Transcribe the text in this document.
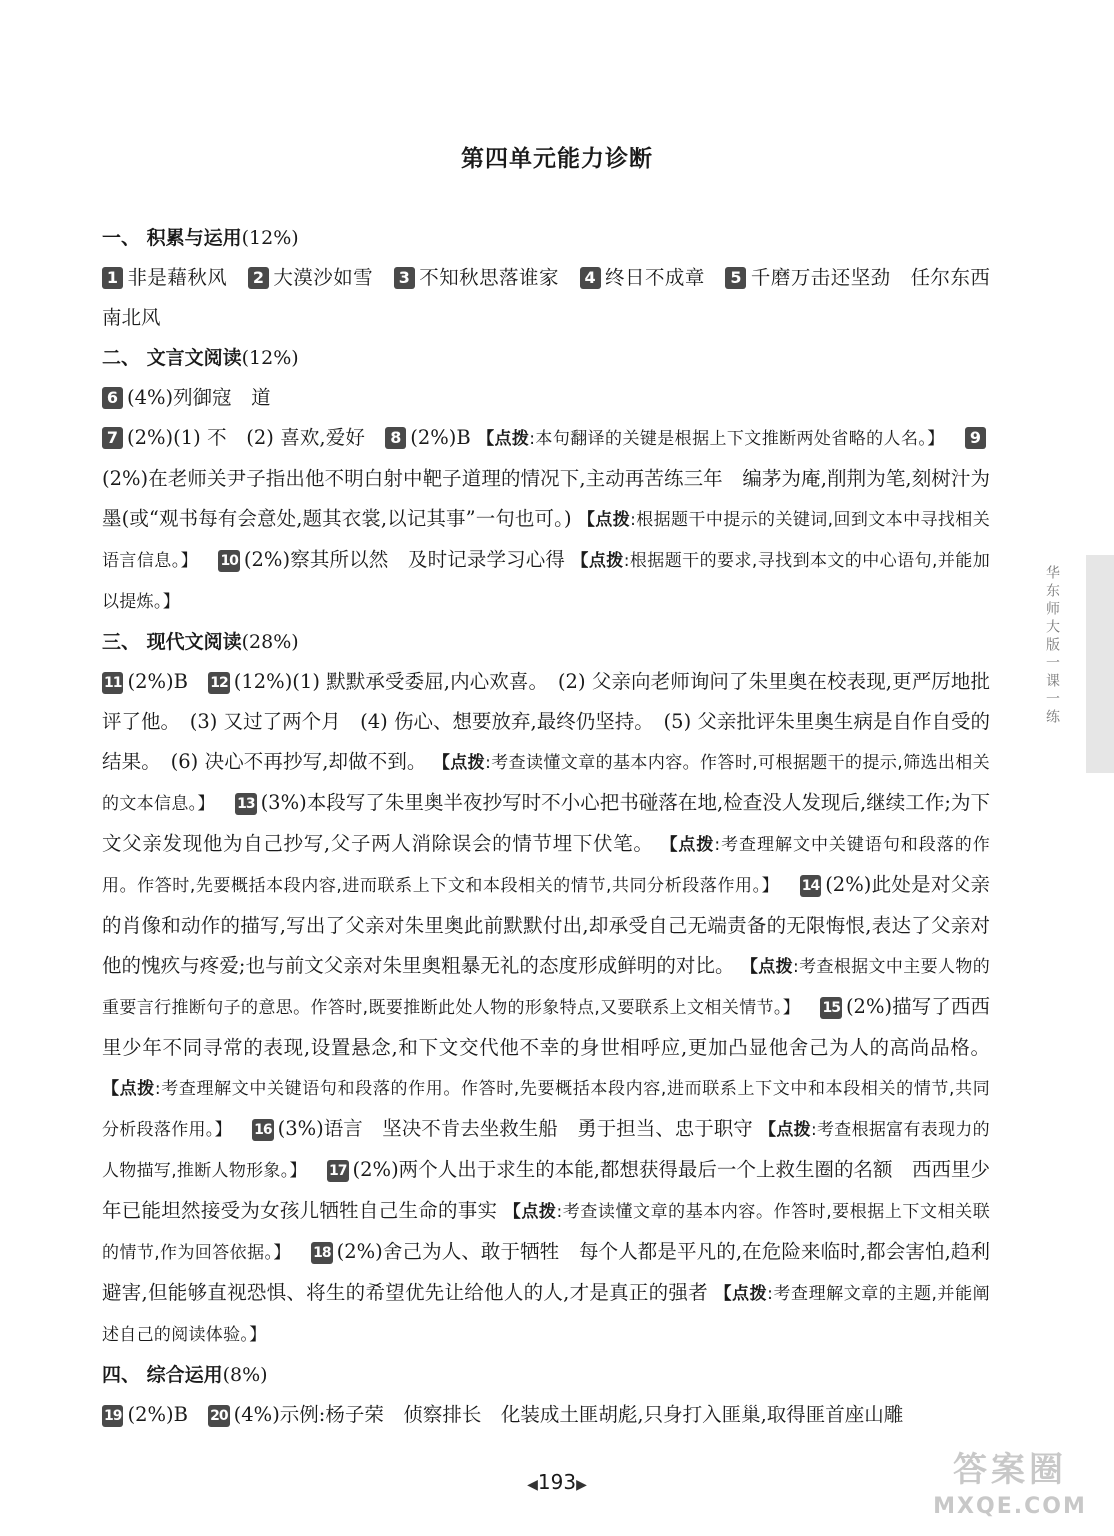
第四单元能力诊断

一、 积累与运用(12%)

1 非是藉秋风 2 大漠沙如雪 3 不知秋思落谁家 4 终日不成章 5 千磨万击还坚劲　任尔东西南北风

二、 文言文阅读(12%)

6 (4%)列御寇　道

7 (2%)(1) 不　(2) 喜欢,爱好 8 (2%)B 【点拨:本句翻译的关键是根据上下文推断两处省略的人名。】 9(2%)在老师关尹子指出他不明白射中靶子道理的情况下,主动再苦练三年　编茅为庵,削荆为笔,刻树汁为墨(或“观书每有会意处,题其衣裳,以记其事”一句也可。) 【点拨:根据题干中提示的关键词,回到文本中寻找相关语言信息。】 10 (2%)察其所以然　及时记录学习心得 【点拨:根据题干的要求,寻找到本文的中心语句,并能加以提炼。】

三、 现代文阅读(28%)

11 (2%)B 12 (12%)(1) 默默承受委屈,内心欢喜。　(2) 父亲向老师询问了朱里奥在校表现,更严厉地批评了他。　(3) 又过了两个月　(4) 伤心、想要放弃,最终仍坚持。　(5) 父亲批评朱里奥生病是自作自受的结果。　(6) 决心不再抄写,却做不到。 【点拨:考查读懂文章的基本内容。作答时,可根据题干的提示,筛选出相关的文本信息。】 13 (3%)本段写了朱里奥半夜抄写时不小心把书碰落在地,检查没人发现后,继续工作;为下文父亲发现他为自己抄写,父子两人消除误会的情节埋下伏笔。 【点拨:考查理解文中关键语句和段落的作用。作答时,先要概括本段内容,进而联系上下文和本段相关的情节,共同分析段落作用。】 14 (2%)此处是对父亲的肖像和动作的描写,写出了父亲对朱里奥此前默默付出,却承受自己无端责备的无限悔恨,表达了父亲对他的愧疚与疼爱;也与前文父亲对朱里奥粗暴无礼的态度形成鲜明的对比。 【点拨:考查根据文中主要人物的重要言行推断句子的意思。作答时,既要推断此处人物的形象特点,又要联系上文相关情节。】 15 (2%)描写了西西里少年不同寻常的表现,设置悬念,和下文交代他不幸的身世相呼应,更加凸显他舍己为人的高尚品格。 【点拨:考查理解文中关键语句和段落的作用。作答时,先要概括本段内容,进而联系上下文中和本段相关的情节,共同分析段落作用。】 16 (3%)语言　坚决不肯去坐救生船　勇于担当、忠于职守 【点拨:考查根据富有表现力的人物描写,推断人物形象。】 17 (2%)两个人出于求生的本能,都想获得最后一个上救生圈的名额　西西里少年已能坦然接受为女孩儿牺牲自己生命的事实 【点拨:考查读懂文章的基本内容。作答时,要根据上下文相关联的情节,作为回答依据。】 18 (2%)舍己为人、敢于牺牲　每个人都是平凡的,在危险来临时,都会害怕,趋利避害,但能够直视恐惧、将生的希望优先让给他人的人,才是真正的强者 【点拨:考查理解文章的主题,并能阐述自己的阅读体验。】

四、 综合运用(8%)

19 (2%)B 20 (4%)示例:杨子荣　侦察排长　化装成土匪胡彪,只身打入匪巢,取得匪首座山雕

华东师大版一课一练
◀193▶	答案圈
MXQE.COM
